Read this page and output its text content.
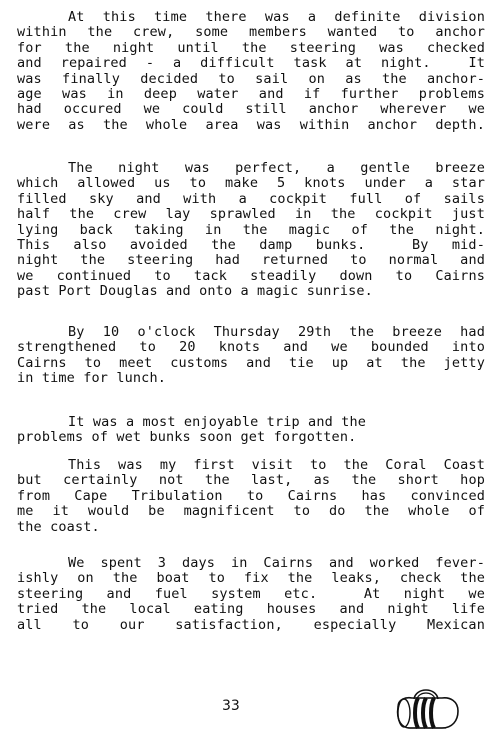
At this time there was a definite division
within the crew, some members wanted to anchor
for the night until the steering was checked
and repaired - a difficult task at night.  It
was finally decided to sail on as the anchor-
age was in deep water and if further problems
had occured we could still anchor wherever we
were as the whole area was within anchor depth.

The night was perfect, a gentle breeze
which allowed us to make 5 knots under a star
filled sky and with a cockpit full of sails
half the crew lay sprawled in the cockpit just
lying back taking in the magic of the night.
This also avoided the damp bunks.  By mid-
night the steering had returned to normal and
we continued to tack steadily down to Cairns
past Port Douglas and onto a magic sunrise.

By 10 o'clock Thursday 29th the breeze had
strengthened to 20 knots and we bounded into
Cairns to meet customs and tie up at the jetty
in time for lunch.

It was a most enjoyable trip and the
problems of wet bunks soon get forgotten.

This was my first visit to the Coral Coast
but certainly not the last, as the short hop
from Cape Tribulation to Cairns has convinced
me it would be magnificent to do the whole of
the coast.

We spent 3 days in Cairns and worked fever-
ishly on the boat to fix the leaks, check the
steering and fuel system etc.  At night we
tried the local eating houses and night life
all to our satisfaction, especially Mexican

33
